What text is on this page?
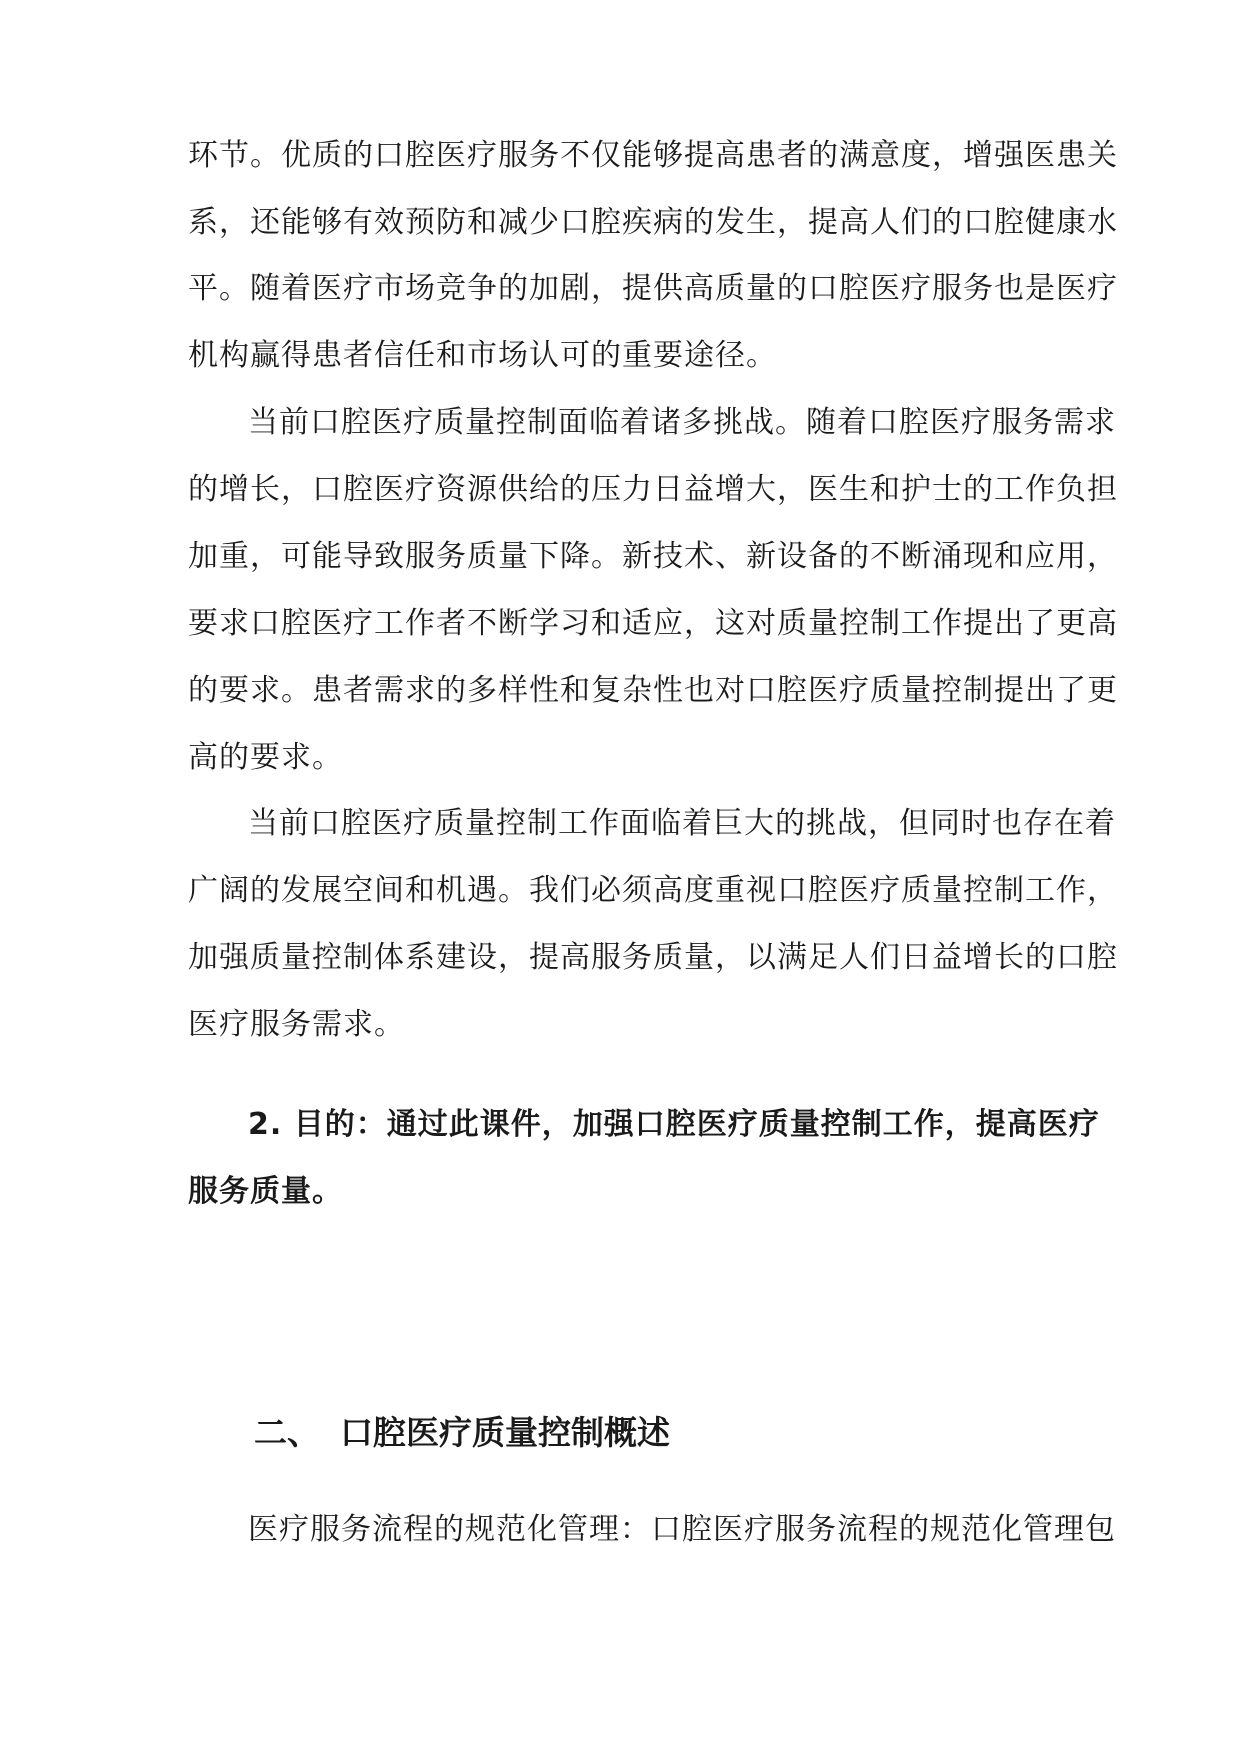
环节。优质的口腔医疗服务不仅能够提高患者的满意度，增强医患关
系，还能够有效预防和减少口腔疾病的发生，提高人们的口腔健康水
平。随着医疗市场竞争的加剧，提供高质量的口腔医疗服务也是医疗
机构赢得患者信任和市场认可的重要途径。
当前口腔医疗质量控制面临着诸多挑战。随着口腔医疗服务需求
的增长，口腔医疗资源供给的压力日益增大，医生和护士的工作负担
加重，可能导致服务质量下降。新技术、新设备的不断涌现和应用，
要求口腔医疗工作者不断学习和适应，这对质量控制工作提出了更高
的要求。患者需求的多样性和复杂性也对口腔医疗质量控制提出了更
高的要求。
当前口腔医疗质量控制工作面临着巨大的挑战，但同时也存在着
广阔的发展空间和机遇。我们必须高度重视口腔医疗质量控制工作，
加强质量控制体系建设，提高服务质量，以满足人们日益增长的口腔
医疗服务需求。
2. 目的：通过此课件，加强口腔医疗质量控制工作，提高医疗
服务质量。
二、 口腔医疗质量控制概述
医疗服务流程的规范化管理：口腔医疗服务流程的规范化管理包
